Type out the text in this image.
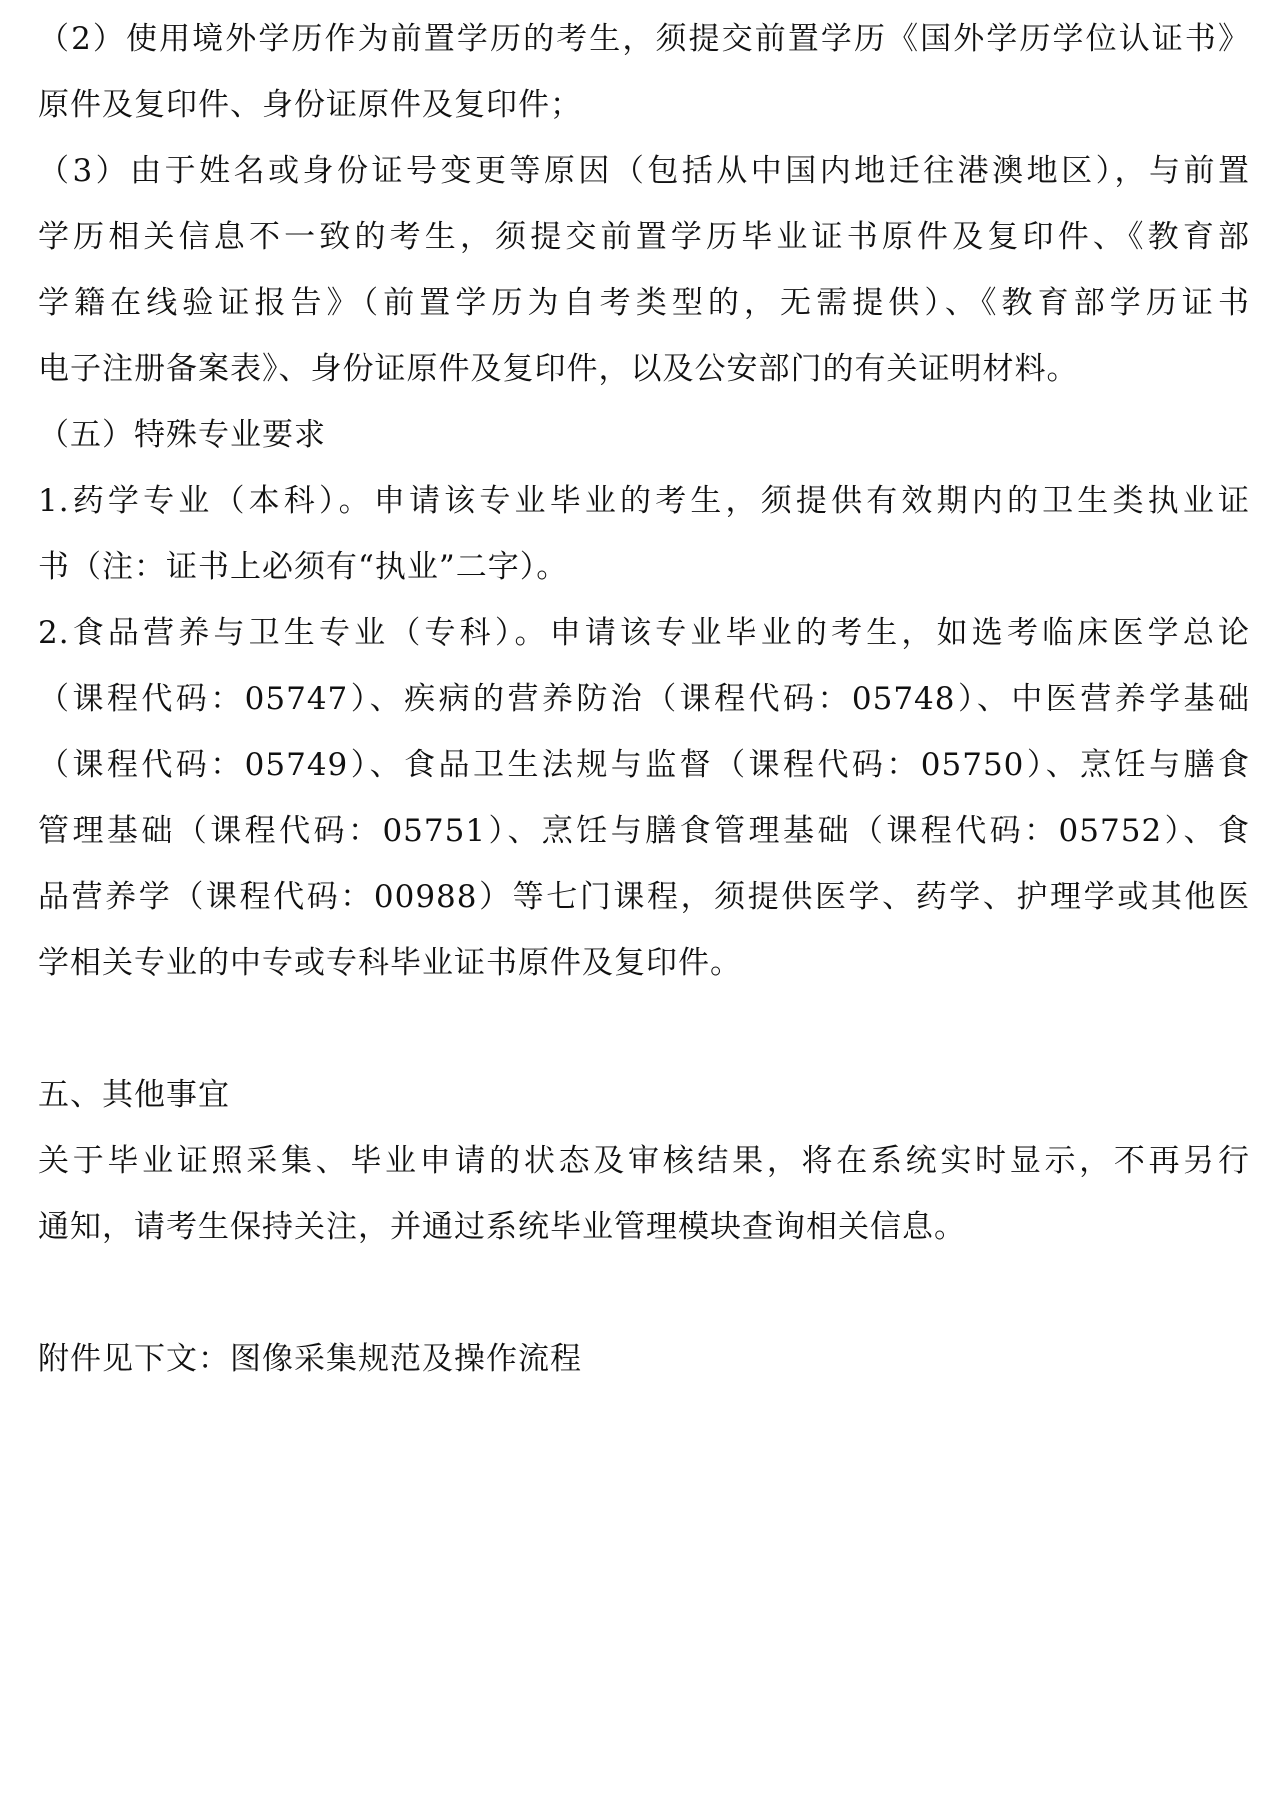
（2）使用境外学历作为前置学历的考生，须提交前置学历《国外学历学位认证书》
原件及复印件、身份证原件及复印件；
（3）由于姓名或身份证号变更等原因（包括从中国内地迁往港澳地区），与前置
学历相关信息不一致的考生，须提交前置学历毕业证书原件及复印件、《教育部
学籍在线验证报告》（前置学历为自考类型的，无需提供）、《教育部学历证书
电子注册备案表》、身份证原件及复印件，以及公安部门的有关证明材料。
（五）特殊专业要求
1.药学专业（本科）。申请该专业毕业的考生，须提供有效期内的卫生类执业证
书（注：证书上必须有“执业”二字）。
2.食品营养与卫生专业（专科）。申请该专业毕业的考生，如选考临床医学总论
（课程代码：05747）、疾病的营养防治（课程代码：05748）、中医营养学基础
（课程代码：05749）、食品卫生法规与监督（课程代码：05750）、烹饪与膳食
管理基础（课程代码：05751）、烹饪与膳食管理基础（课程代码：05752）、食
品营养学（课程代码：00988）等七门课程，须提供医学、药学、护理学或其他医
学相关专业的中专或专科毕业证书原件及复印件。
五、其他事宜
关于毕业证照采集、毕业申请的状态及审核结果，将在系统实时显示，不再另行
通知，请考生保持关注，并通过系统毕业管理模块查询相关信息。
附件见下文：图像采集规范及操作流程
